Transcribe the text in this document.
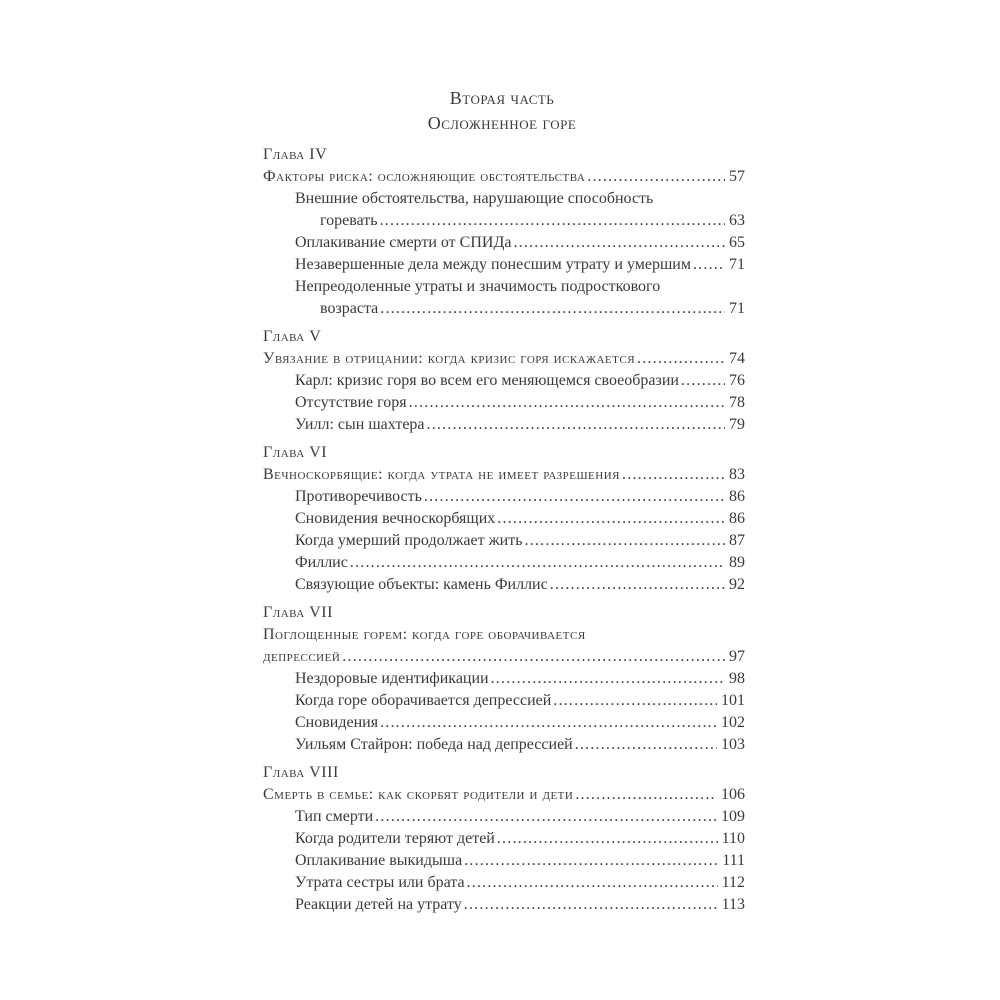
Вторая часть
Осложненное горе
Глава IV
Факторы риска: осложняющие обстоятельства .....	57
Внешние обстоятельства, нарушающие способность
горевать .....	63
Оплакивание смерти от СПИДа .....	65
Незавершенные дела между понесшим утрату и умершим ..... 71
Непреодоленные утраты и значимость подросткового
возраста .....	71
Глава V
Увязание в отрицании: когда кризис горя искажается .....	74
Карл: кризис горя во всем его меняющемся своеобразии .....	76
Отсутствие горя .....	78
Уилл: сын шахтера .....	79
Глава VI
Вечноскорбящие: когда утрата не имеет разрешения .....	83
Противоречивость .....	86
Сновидения вечноскорбящих .....	86
Когда умерший продолжает жить .....	87
Филлис .....	89
Связующие объекты: камень Филлис .....	92
Глава VII
Поглощенные горем: когда горе оборачивается
депрессией .....	97
Нездоровые идентификации .....	98
Когда горе оборачивается депрессией .....	101
Сновидения .....	102
Уильям Стайрон: победа над депрессией .....	103
Глава VIII
Смерть в семье: как скорбят родители и дети .....	106
Тип смерти .....	109
Когда родители теряют детей .....	110
Оплакивание выкидыша .....	111
Утрата сестры или брата .....	112
Реакции детей на утрату .....	113
